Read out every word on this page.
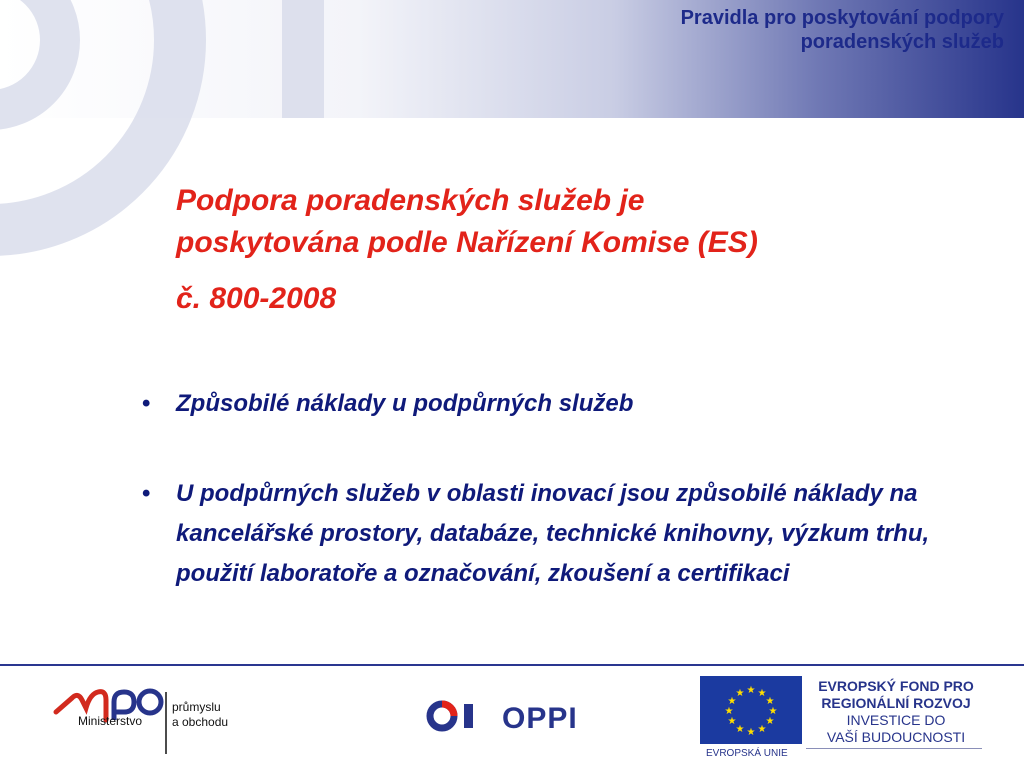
Pravidla pro poskytování podpory
poradenských služeb
Podpora poradenských služeb je
poskytována podle Nařízení Komise (ES)

č. 800-2008
• Způsobilé náklady u podpůrných služeb
• U podpůrných služeb v oblasti inovací jsou způsobilé náklady na kancelářské prostory, databáze, technické knihovny, výzkum trhu, použití laboratoře a označování, zkoušení a certifikaci
Ministerstvo
průmyslu
a obchodu	OPPI
★ ★
★
★
★
★
★
★
★
★
★
★
EVROPSKÁ UNIE
EVROPSKÝ FOND PRO
REGIONÁLNÍ ROZVOJ
INVESTICE DO
VAŠÍ BUDOUCNOSTI
